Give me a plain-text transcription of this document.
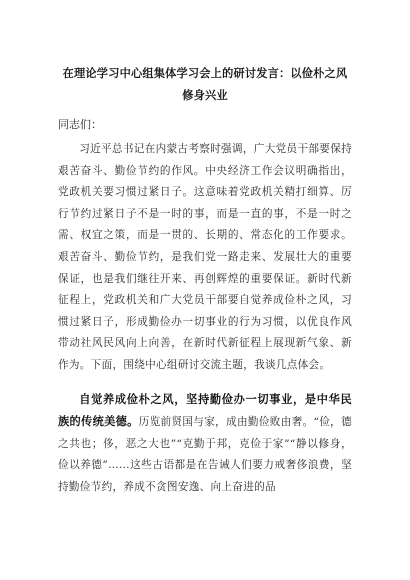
在理论学习中心组集体学习会上的研讨发言：以俭朴之风
修身兴业

同志们：

习近平总书记在内蒙古考察时强调，广大党员干部要保持艰苦奋斗、勤俭节约的作风。中央经济工作会议明确指出，党政机关要习惯过紧日子。这意味着党政机关精打细算、厉行节约过紧日子不是一时的事，而是一直的事，不是一时之需、权宜之策，而是一贯的、长期的、常态化的工作要求。艰苦奋斗、勤俭节约，是我们党一路走来、发展壮大的重要保证，也是我们继往开来、再创辉煌的重要保证。新时代新征程上，党政机关和广大党员干部要自觉养成俭朴之风，习惯过紧日子，形成勤俭办一切事业的行为习惯，以优良作风带动社风民风向上向善，在新时代新征程上展现新气象、新作为。下面，围绕中心组研讨交流主题，我谈几点体会。

自觉养成俭朴之风，坚持勤俭办一切事业，是中华民族的传统美德。历览前贤国与家，成由勤俭败由奢。“俭，德之共也；侈，恶之大也”“克勤于邦，克俭于家”“静以修身，俭以养德”……这些古语都是在告诫人们要力戒奢侈浪费，坚持勤俭节约，养成不贪图安逸、向上奋进的品
